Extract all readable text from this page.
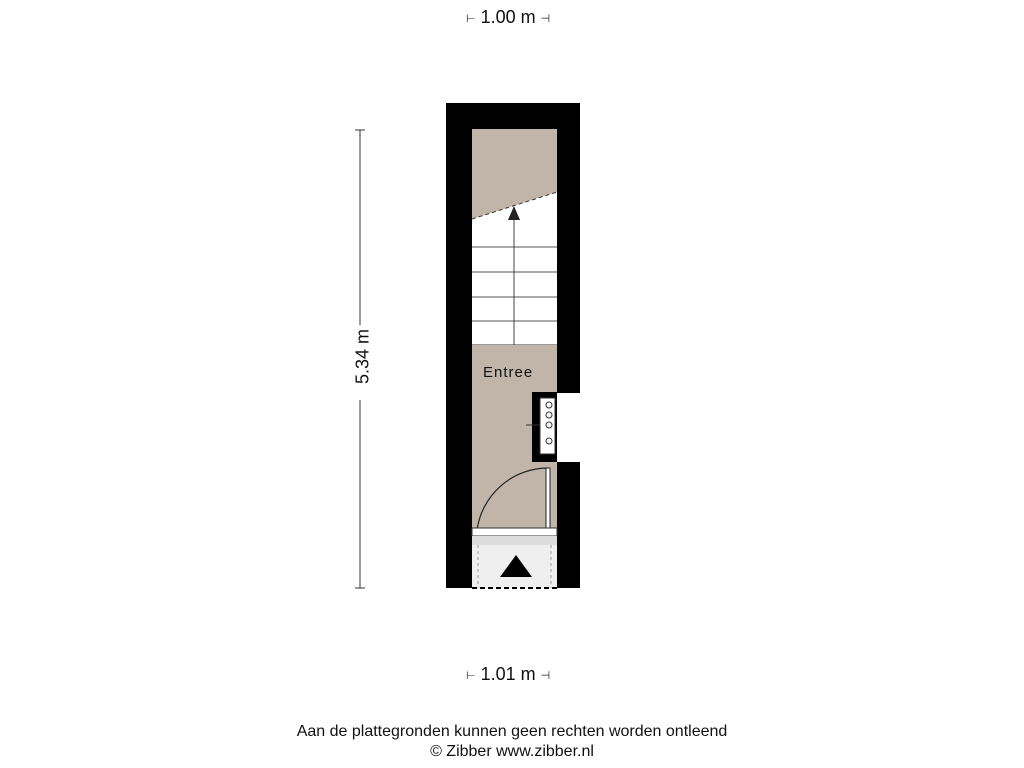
⊢ 1.00 m ⊣
5.34 m	Entree
⊢ 1.01 m ⊣
Aan de plattegronden kunnen geen rechten worden ontleend
© Zibber www.zibber.nl
